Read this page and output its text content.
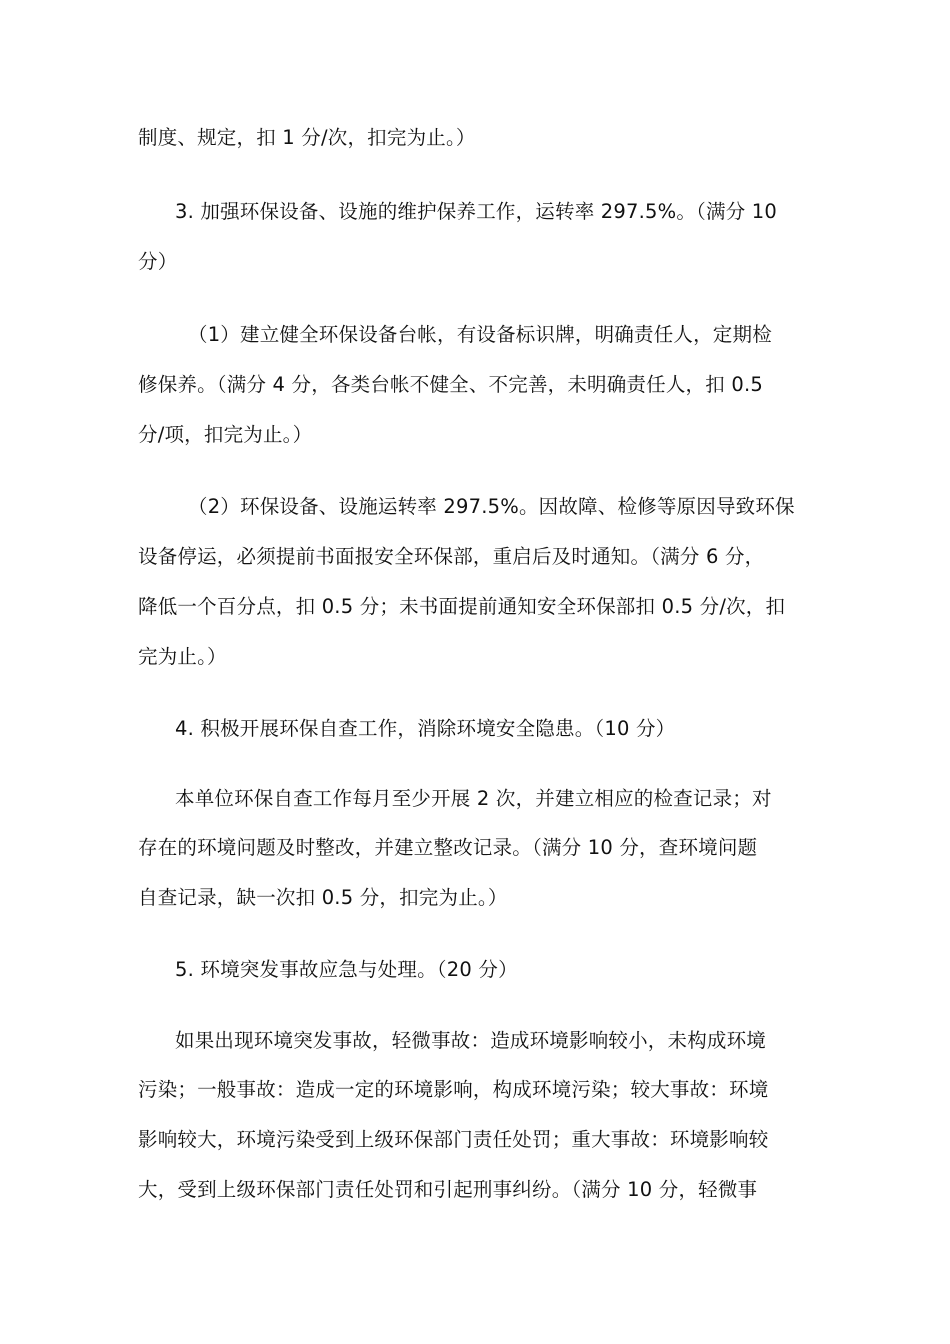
制度、规定，扣 1 分/次，扣完为止。）
3. 加强环保设备、设施的维护保养工作，运转率 297.5%。（满分 10
分）
（1）建立健全环保设备台帐，有设备标识牌，明确责任人，定期检
修保养。（满分 4 分，各类台帐不健全、不完善，未明确责任人，扣 0.5
分/项，扣完为止。）
（2）环保设备、设施运转率 297.5%。因故障、检修等原因导致环保
设备停运，必须提前书面报安全环保部，重启后及时通知。（满分 6 分，
降低一个百分点，扣 0.5 分；未书面提前通知安全环保部扣 0.5 分/次，扣
完为止。）
4. 积极开展环保自查工作，消除环境安全隐患。（10 分）
本单位环保自查工作每月至少开展 2 次，并建立相应的检查记录；对
存在的环境问题及时整改，并建立整改记录。（满分 10 分，查环境问题
自查记录，缺一次扣 0.5 分，扣完为止。）
5. 环境突发事故应急与处理。（20 分）
如果出现环境突发事故，轻微事故：造成环境影响较小，未构成环境
污染；一般事故：造成一定的环境影响，构成环境污染；较大事故：环境
影响较大，环境污染受到上级环保部门责任处罚；重大事故：环境影响较
大，受到上级环保部门责任处罚和引起刑事纠纷。（满分 10 分，轻微事
